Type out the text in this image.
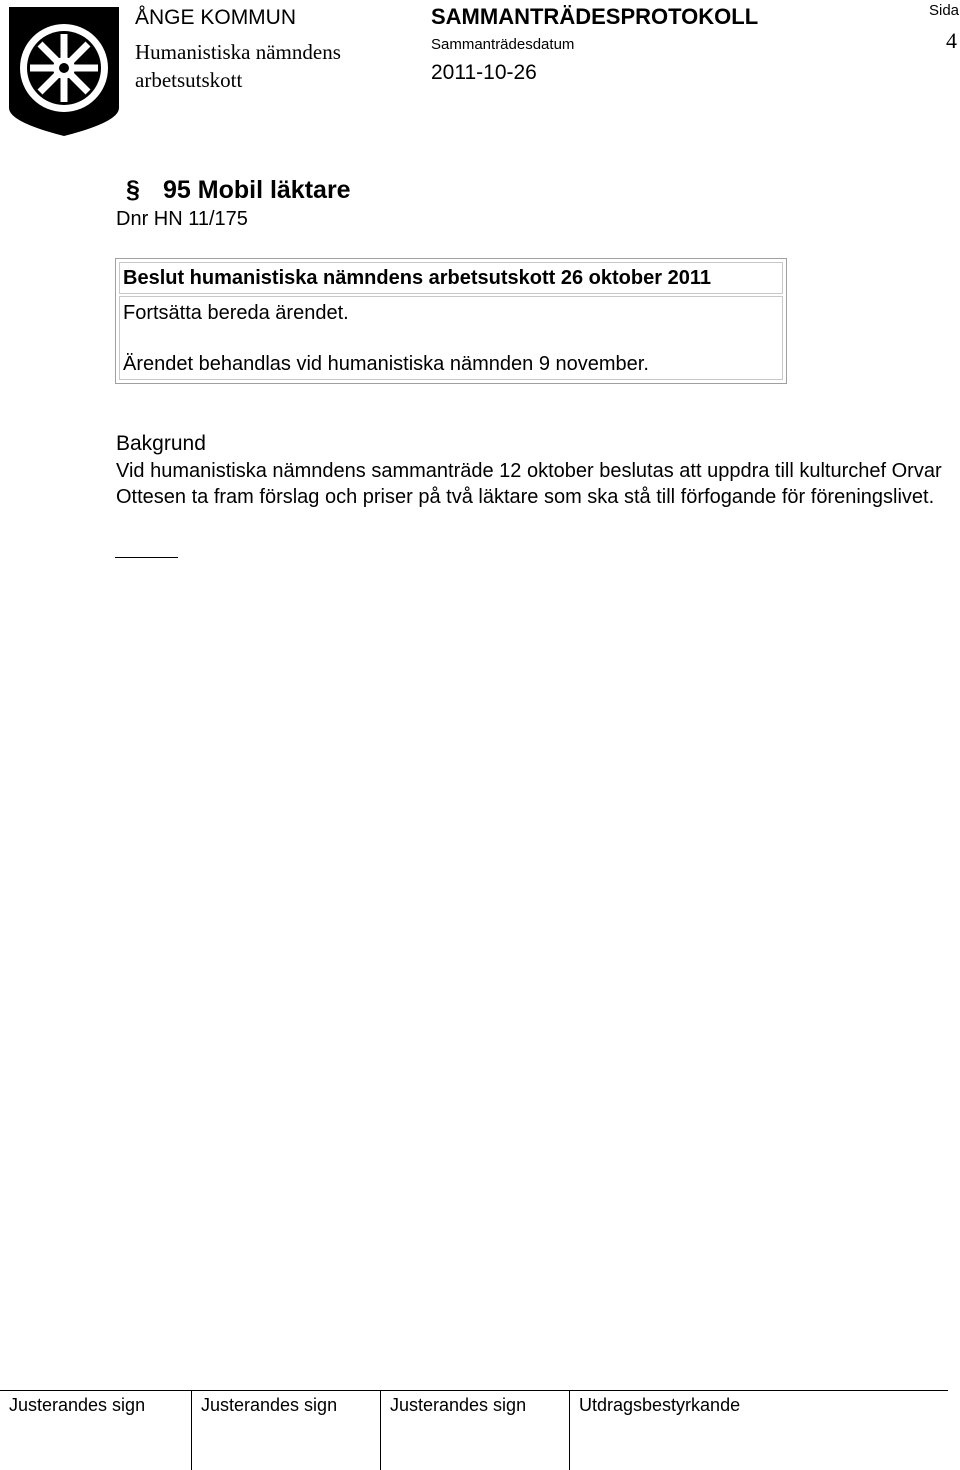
ÅNGE KOMMUN
Humanistiska nämndens
arbetsutskott
SAMMANTRÄDESPROTOKOLL
Sammanträdesdatum
2011-10-26
Sida
4
§ 95 Mobil läktare
Dnr HN 11/175
Beslut humanistiska nämndens arbetsutskott 26 oktober 2011

Fortsätta bereda ärendet.

Ärendet behandlas vid humanistiska nämnden 9 november.

Bakgrund
Vid humanistiska nämndens sammanträde 12 oktober beslutas att uppdra till kulturchef Orvar Ottesen ta fram förslag och priser på två läktare som ska stå till förfogande för föreningslivet.
Justerandes sign	Justerandes sign	Justerandes sign	Utdragsbestyrkande
